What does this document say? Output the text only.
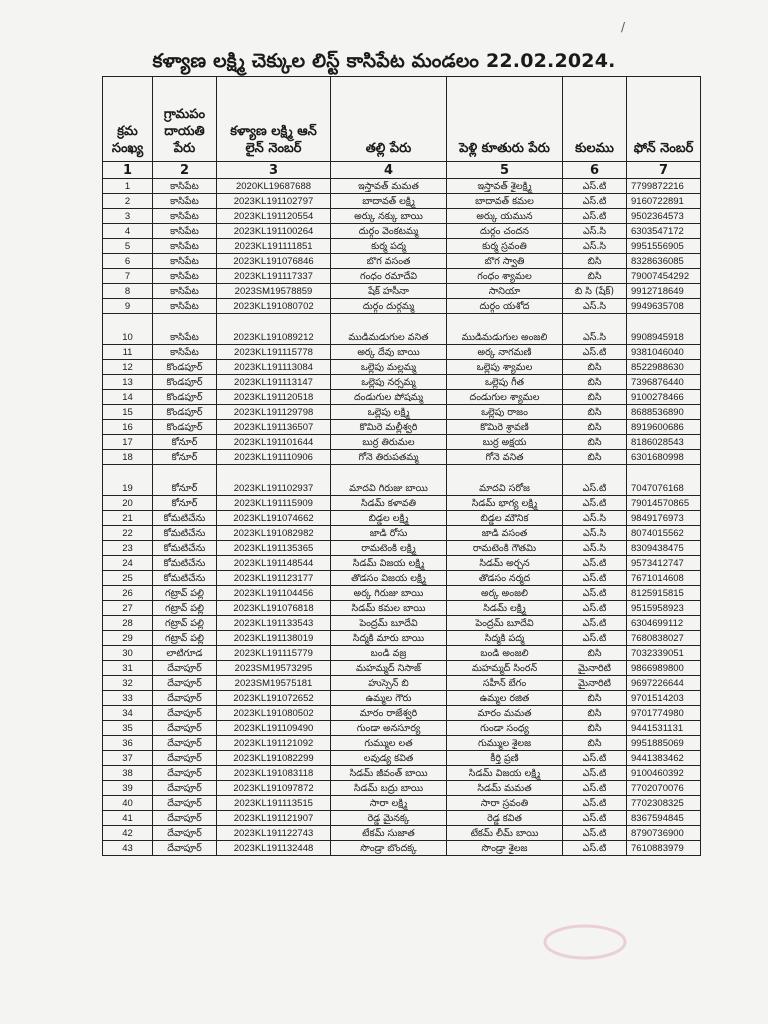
/
కళ్యాణ లక్ష్మి చెక్కుల లిస్ట్ కాసిపేట మండలం 22.02.2024.
క్రమ సంఖ్య	గ్రామపం దాయతి పేరు	కళ్యాణ లక్ష్మి ఆన్ లైన్ నెంబర్	తల్లి పేరు	పెళ్లి కూతురు పేరు	కులము	ఫోన్ నెంబర్
1	2	3	4	5	6	7
1	కాసిపేట	2020KL19687688	ఇస్తావత్ మమత	ఇస్తావత్ శైలక్ష్మి	ఎస్.టి	7799872216
2	కాసిపేట	2023KL191102797	బాదావత్ లక్ష్మి	బాదావత్ కమల	ఎస్.టి	9160722891
3	కాసిపేట	2023KL191120554	అర్కు నక్కు బాయి	అర్కు యమున	ఎస్.టి	9502364573
4	కాసిపేట	2023KL191100264	దుర్గం వెంకటమ్మ	దుర్గం చందన	ఎస్.సి	6303547172
5	కాసిపేట	2023KL191111851	కుర్మ పద్మ	కుర్మ స్రవంతి	ఎస్.సి	9951556905
6	కాసిపేట	2023KL191076846	బొగ వసంత	బొగ స్వాతి	బిసి	8328636085
7	కాసిపేట	2023KL191117337	గంధం రమాదేవి	గంధం శ్యామల	బిసి	79007454292
8	కాసిపేట	2023SM19578859	షేక్ హసీనా	సానియా	బి సి (షేక్)	9912718649
9	కాసిపేట	2023KL191080702	దుర్గం దుర్గమ్మ	దుర్గం యశోద	ఎస్.సి	9949635708
10	కాసిపేట	2023KL191089212	ముడిమడుగుల వనిత	ముడిమడుగుల అంజలి	ఎస్.సి	9908945918
11	కాసిపేట	2023KL191115778	అర్క దేవు బాయి	అర్క నాగమణి	ఎస్.టి	9381046040
12	కొండపూర్	2023KL191113084	ఒల్లెపు మల్లమ్మ	ఒల్లెపు శ్యామల	బిసి	8522988630
13	కొండపూర్	2023KL191113147	ఒల్లెపు నర్సమ్మ	ఒల్లెపు గీత	బిసి	7396876440
14	కొండపూర్	2023KL191120518	దండుగుల పోషమ్మ	దండుగుల శ్యామల	బిసి	9100278466
15	కొండపూర్	2023KL191129798	ఒల్లెపు లక్ష్మి	ఒల్లెపు రాజం	బిసి	8688536890
16	కొండపూర్	2023KL191136507	కొమిరె మల్లీశ్వరి	కొమిరె శ్రావణి	బిసి	8919600686
17	కోనూర్	2023KL191101644	బుర్ర తిరుమల	బుర్ర అక్షయ	బిసి	8186028543
18	కోనూర్	2023KL191110906	గోనె తిరుపతమ్మ	గోనె వనిత	బిసి	6301680998
19	కోనూర్	2023KL191102937	మాదవి గిరుజు బాయి	మాదవి సరోజ	ఎస్.టి	7047076168
20	కోనూర్	2023KL191115909	సిడమ్ కళావతి	సిడమ్ భాగ్య లక్ష్మి	ఎస్.టి	79014570865
21	కోమటిచేను	2023KL191074662	బిడ్డల లక్ష్మి	బిడ్డల మౌనిక	ఎస్.సి	9849176973
22	కోమటిచేను	2023KL191082982	జాడి రోసు	జాడి వసంత	ఎస్.సి	8074015562
23	కోమటిచేను	2023KL191135365	రామటెంకి లక్ష్మి	రామటెంకి గౌతమి	ఎస్.సి	8309438475
24	కోమటిచేను	2023KL191148544	సిడమ్ విజయ లక్ష్మి	సిడమ్ అర్చన	ఎస్.టి	9573412747
25	కోమటిచేను	2023KL191123177	తొడసం విజయ లక్ష్మి	తొడసం నర్మద	ఎస్.టి	7671014608
26	గట్రావ్ పల్లి	2023KL191104456	అర్క గిరుజు బాయి	అర్క అంజలి	ఎస్.టి	8125915815
27	గట్రావ్ పల్లి	2023KL191076818	సిడమ్ కమల బాయి	సిడమ్ లక్ష్మి	ఎస్.టి	9515958923
28	గట్రావ్ పల్లి	2023KL191133543	పెంద్రమ్ బూదేవి	పెంద్రమ్ బూదేవి	ఎస్.టి	6304699112
29	గట్రావ్ పల్లి	2023KL191138019	సిద్మకి మారు బాయి	సిద్మకి పద్మ	ఎస్.టి	7680838027
30	లాటిగూడ	2023KL191115779	బండి వజ్ర	బండి అంజలి	బిసి	7032339051
31	దేవాపూర్	2023SM19573295	మహమ్మద్ నిసాజ్	మహమ్మద్ సింరన్	మైనారిటి	9866989800
32	దేవాపూర్	2023SM19575181	హుస్సెన్ బి	సహీన్ బేగం	మైనారిటి	9697226644
33	దేవాపూర్	2023KL191072652	ఉమ్మల గౌరు	ఉమ్మల రజిత	బిసి	9701514203
34	దేవాపూర్	2023KL191080502	మారం రాజేశ్వరి	మారం మమత	బిసి	9701774980
35	దేవాపూర్	2023KL191109490	గుండా అనసూర్య	గుండా సంధ్య	బిసి	9441531131
36	దేవాపూర్	2023KL191121092	గుమ్ముల లత	గుమ్ముల శైలజ	బిసి	9951885069
37	దేవాపూర్	2023KL191082299	లవుడ్య కవిత	కీర్తి ప్రణి	ఎస్.టి	9441383462
38	దేవాపూర్	2023KL191083118	సిడమ్ జీవంత్ బాయి	సిడమ్ విజయ లక్ష్మి	ఎస్.టి	9100460392
39	దేవాపూర్	2023KL191097872	సిడమ్ బద్రు బాయి	సిడమ్ మమత	ఎస్.టి	7702070076
40	దేవాపూర్	2023KL191113515	సారా లక్ష్మి	సారా స్రవంతి	ఎస్.టి	7702308325
41	దేవాపూర్	2023KL191121907	రెడ్డ మైనక్క	రెడ్డ కవిత	ఎస్.టి	8367594845
42	దేవాపూర్	2023KL191122743	టేకమ్ సుజాత	టేకమ్ లీమ్ బాయి	ఎస్.టి	8790736900
43	దేవాపూర్	2023KL191132448	సొండ్రా బొందక్క	సొండ్రా శైలజ	ఎస్.టి	7610883979
